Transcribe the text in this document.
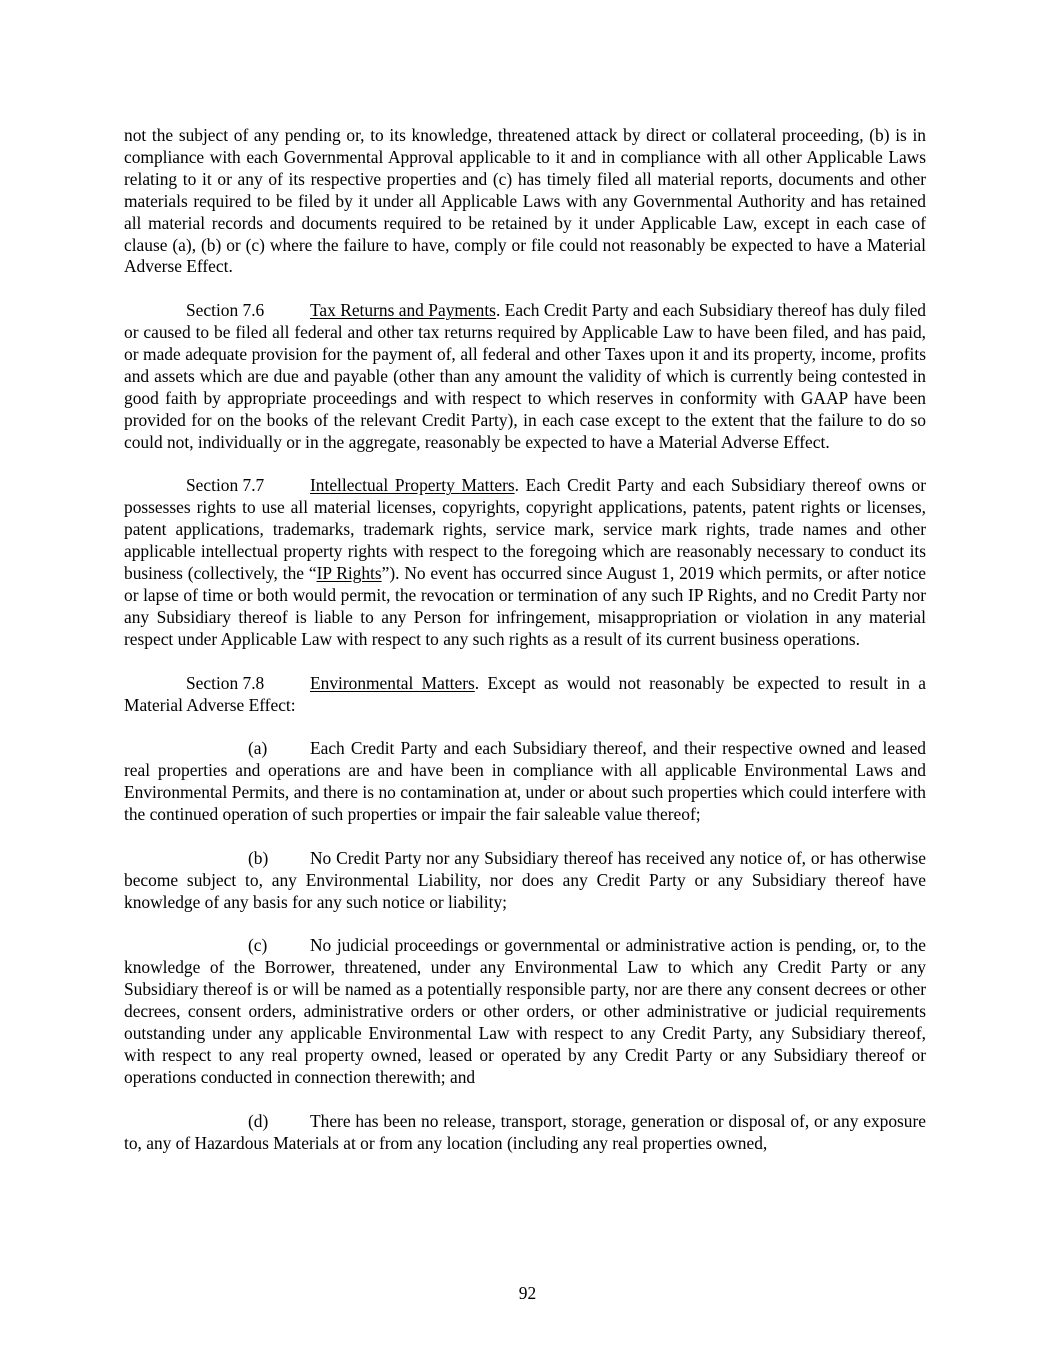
not the subject of any pending or, to its knowledge, threatened attack by direct or collateral proceeding, (b) is in compliance with each Governmental Approval applicable to it and in compliance with all other Applicable Laws relating to it or any of its respective properties and (c) has timely filed all material reports, documents and other materials required to be filed by it under all Applicable Laws with any Governmental Authority and has retained all material records and documents required to be retained by it under Applicable Law, except in each case of clause (a), (b) or (c) where the failure to have, comply or file could not reasonably be expected to have a Material Adverse Effect.

Section 7.6	Tax Returns and Payments. Each Credit Party and each Subsidiary thereof has duly filed or caused to be filed all federal and other tax returns required by Applicable Law to have been filed, and has paid, or made adequate provision for the payment of, all federal and other Taxes upon it and its property, income, profits and assets which are due and payable (other than any amount the validity of which is currently being contested in good faith by appropriate proceedings and with respect to which reserves in conformity with GAAP have been provided for on the books of the relevant Credit Party), in each case except to the extent that the failure to do so could not, individually or in the aggregate, reasonably be expected to have a Material Adverse Effect.

Section 7.7	Intellectual Property Matters. Each Credit Party and each Subsidiary thereof owns or possesses rights to use all material licenses, copyrights, copyright applications, patents, patent rights or licenses, patent applications, trademarks, trademark rights, service mark, service mark rights, trade names and other applicable intellectual property rights with respect to the foregoing which are reasonably necessary to conduct its business (collectively, the “IP Rights”). No event has occurred since August 1, 2019 which permits, or after notice or lapse of time or both would permit, the revocation or termination of any such IP Rights, and no Credit Party nor any Subsidiary thereof is liable to any Person for infringement, misappropriation or violation in any material respect under Applicable Law with respect to any such rights as a result of its current business operations.

Section 7.8	Environmental Matters. Except as would not reasonably be expected to result in a Material Adverse Effect:

(a) Each Credit Party and each Subsidiary thereof, and their respective owned and leased real properties and operations are and have been in compliance with all applicable Environmental Laws and Environmental Permits, and there is no contamination at, under or about such properties which could interfere with the continued operation of such properties or impair the fair saleable value thereof;

(b) No Credit Party nor any Subsidiary thereof has received any notice of, or has otherwise become subject to, any Environmental Liability, nor does any Credit Party or any Subsidiary thereof have knowledge of any basis for any such notice or liability;

(c) No judicial proceedings or governmental or administrative action is pending, or, to the knowledge of the Borrower, threatened, under any Environmental Law to which any Credit Party or any Subsidiary thereof is or will be named as a potentially responsible party, nor are there any consent decrees or other decrees, consent orders, administrative orders or other orders, or other administrative or judicial requirements outstanding under any applicable Environmental Law with respect to any Credit Party, any Subsidiary thereof, with respect to any real property owned, leased or operated by any Credit Party or any Subsidiary thereof or operations conducted in connection therewith; and

(d) There has been no release, transport, storage, generation or disposal of, or any exposure to, any of Hazardous Materials at or from any location (including any real properties owned,

92
